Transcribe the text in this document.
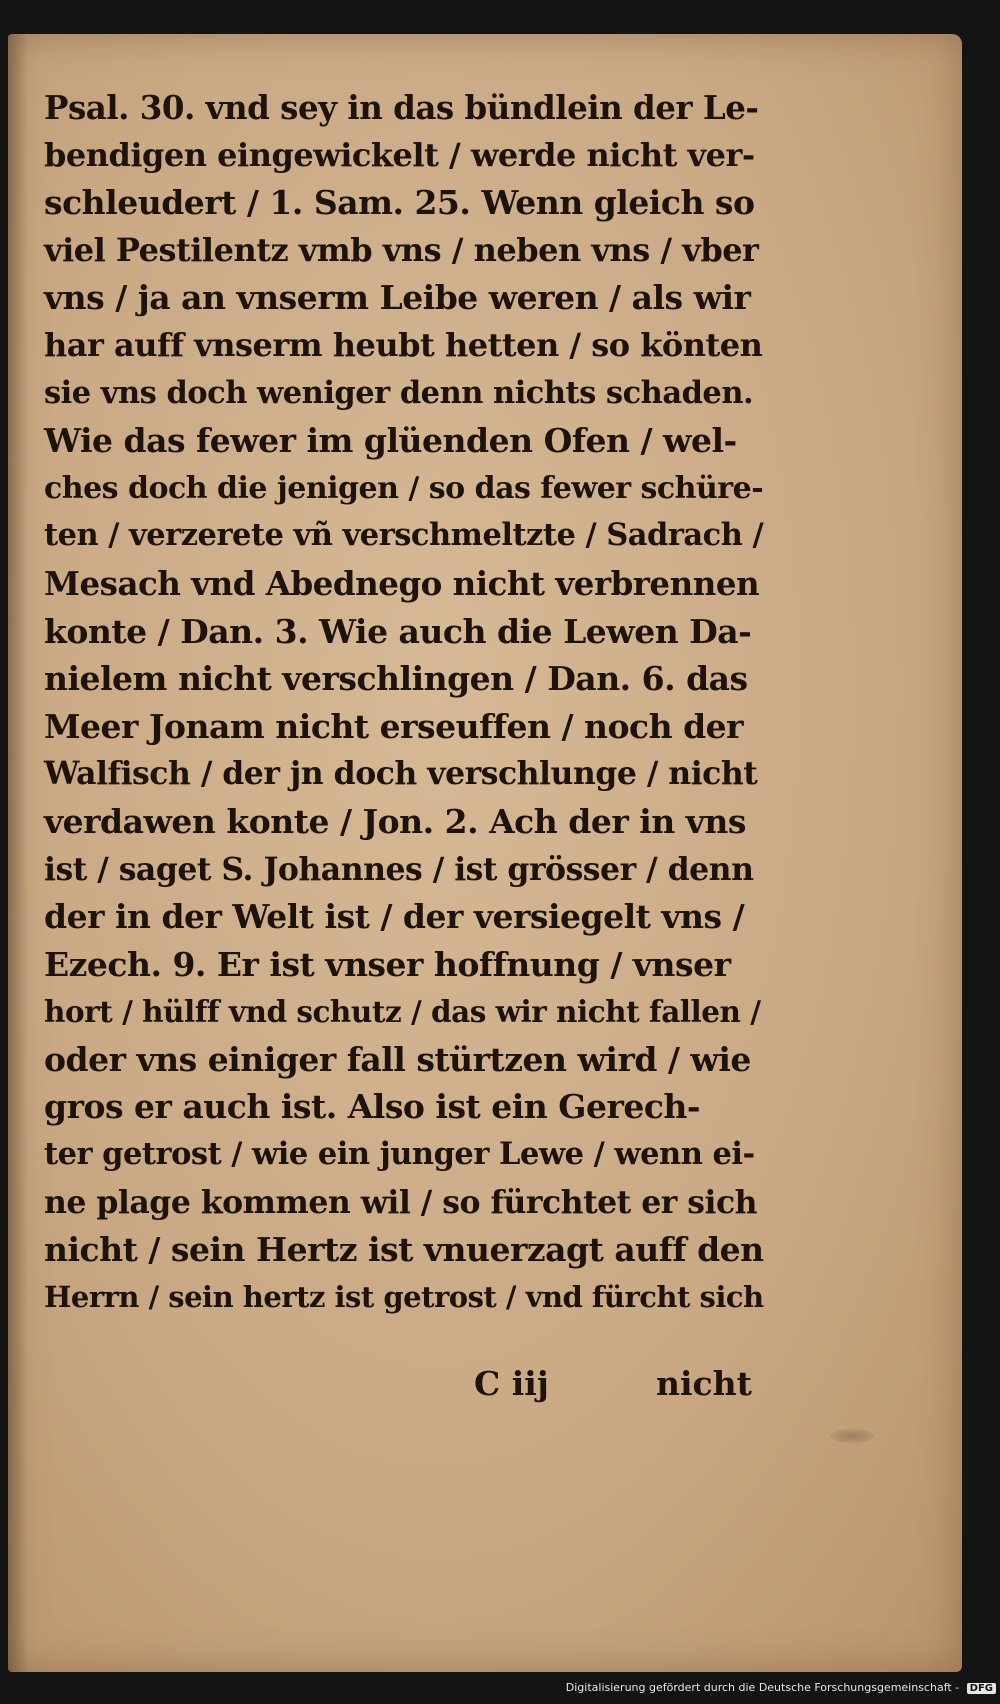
Psal. 30. vnd sey in das bündlein der Le-
bendigen eingewickelt / werde nicht ver-
schleudert / 1. Sam. 25. Wenn gleich so
viel Pestilentz vmb vns / neben vns / vber
vns / ja an vnserm Leibe weren / als wir
har auff vnserm heubt hetten / so könten
sie vns doch weniger denn nichts schaden.
Wie das fewer im glüenden Ofen / wel-
ches doch die jenigen / so das fewer schüre-
ten / verzerete vñ verschmeltzte / Sadrach /
Mesach vnd Abednego nicht verbrennen
konte / Dan. 3. Wie auch die Lewen Da-
nielem nicht verschlingen / Dan. 6. das
Meer Jonam nicht erseuffen / noch der
Walfisch / der jn doch verschlunge / nicht
verdawen konte / Jon. 2. Ach der in vns
ist / saget S. Johannes / ist grösser / denn
der in der Welt ist / der versiegelt vns /
Ezech. 9. Er ist vnser hoffnung / vnser
hort / hülff vnd schutz / das wir nicht fallen /
oder vns einiger fall stürtzen wird / wie
gros er auch ist. Also ist ein Gerech-
ter getrost / wie ein junger Lewe / wenn ei-
ne plage kommen wil / so fürchtet er sich
nicht / sein Hertz ist vnuerzagt auff den
Herrn / sein hertz ist getrost / vnd fürcht sich
C iij	nicht
Digitalisierung gefördert durch die Deutsche Forschungsgemeinschaft - DFG
